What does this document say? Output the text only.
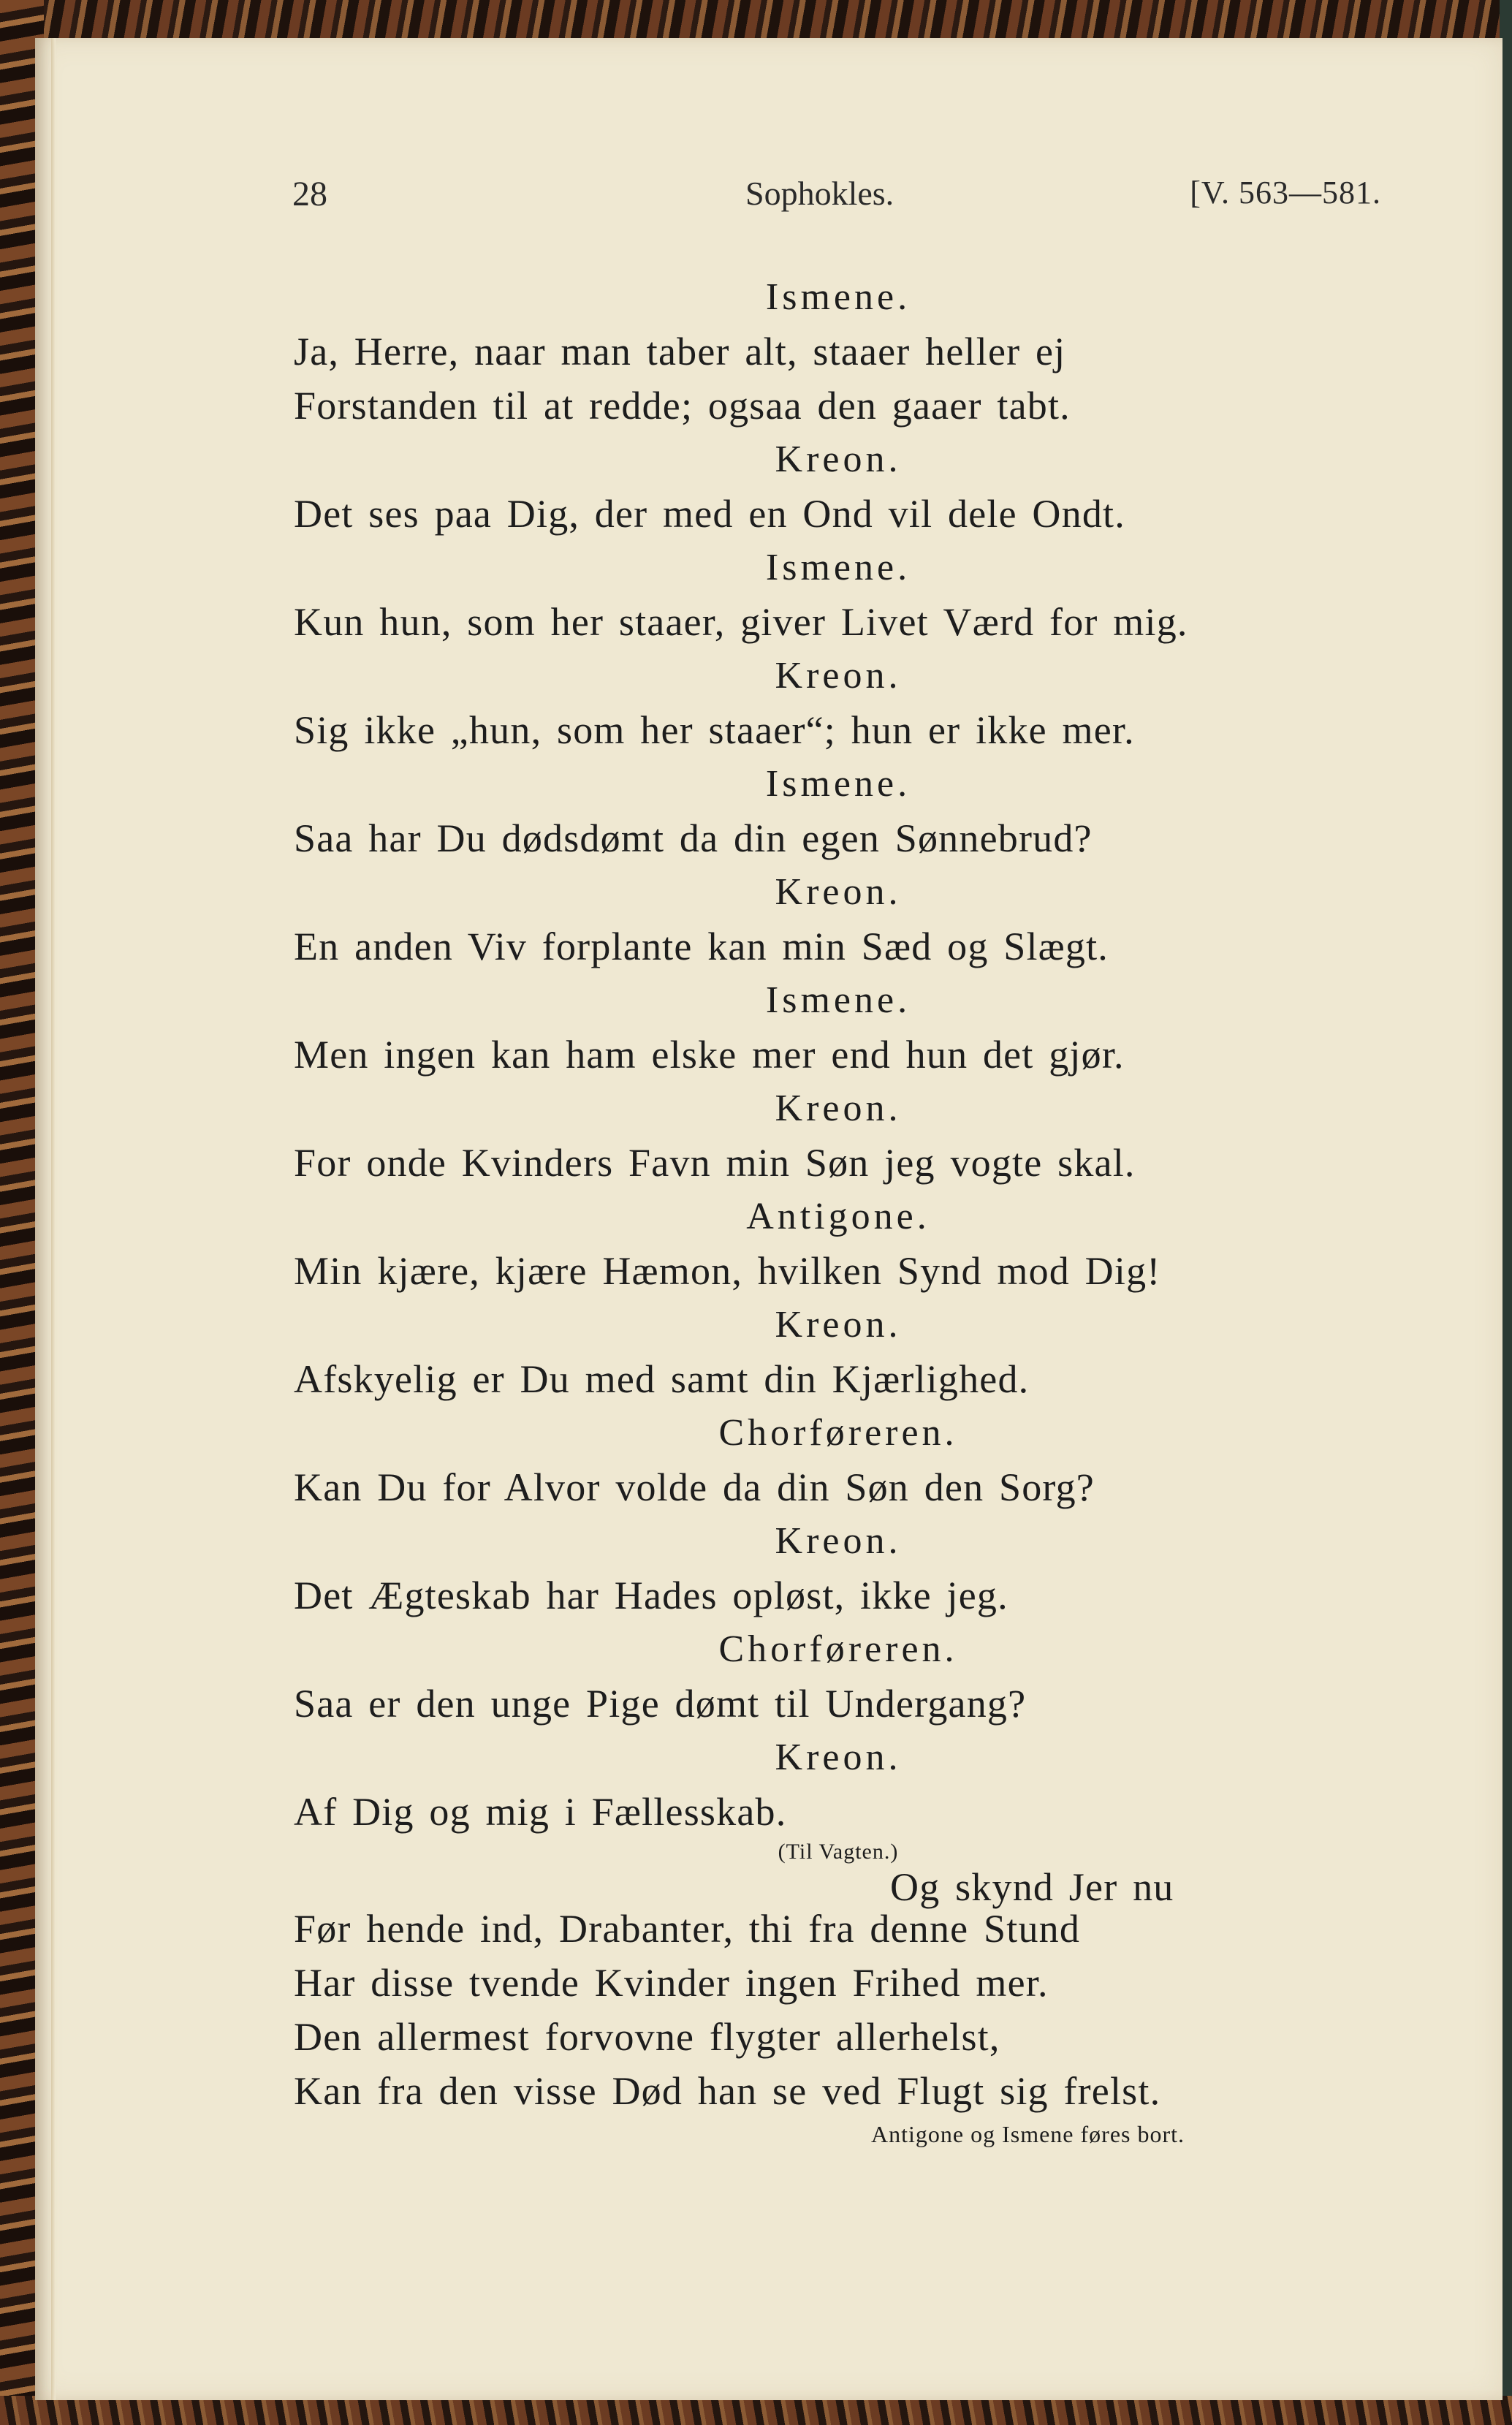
28	Sophokles.	[V. 563—581.
Ismene.
Ja, Herre, naar man taber alt, staaer heller ej
Forstanden til at redde; ogsaa den gaaer tabt.
Kreon.
Det ses paa Dig, der med en Ond vil dele Ondt.
Ismene.
Kun hun, som her staaer, giver Livet Værd for mig.
Kreon.
Sig ikke „hun, som her staaer“; hun er ikke mer.
Ismene.
Saa har Du dødsdømt da din egen Sønnebrud?
Kreon.
En anden Viv forplante kan min Sæd og Slægt.
Ismene.
Men ingen kan ham elske mer end hun det gjør.
Kreon.
For onde Kvinders Favn min Søn jeg vogte skal.
Antigone.
Min kjære, kjære Hæmon, hvilken Synd mod Dig!
Kreon.
Afskyelig er Du med samt din Kjærlighed.
Chorføreren.
Kan Du for Alvor volde da din Søn den Sorg?
Kreon.
Det Ægteskab har Hades opløst, ikke jeg.
Chorføreren.
Saa er den unge Pige dømt til Undergang?
Kreon.
Af Dig og mig i Fællesskab.
(Til Vagten.)
Og skynd Jer nu
Før hende ind, Drabanter, thi fra denne Stund
Har disse tvende Kvinder ingen Frihed mer.
Den allermest forvovne flygter allerhelst,
Kan fra den visse Død han se ved Flugt sig frelst.
Antigone og Ismene føres bort.
